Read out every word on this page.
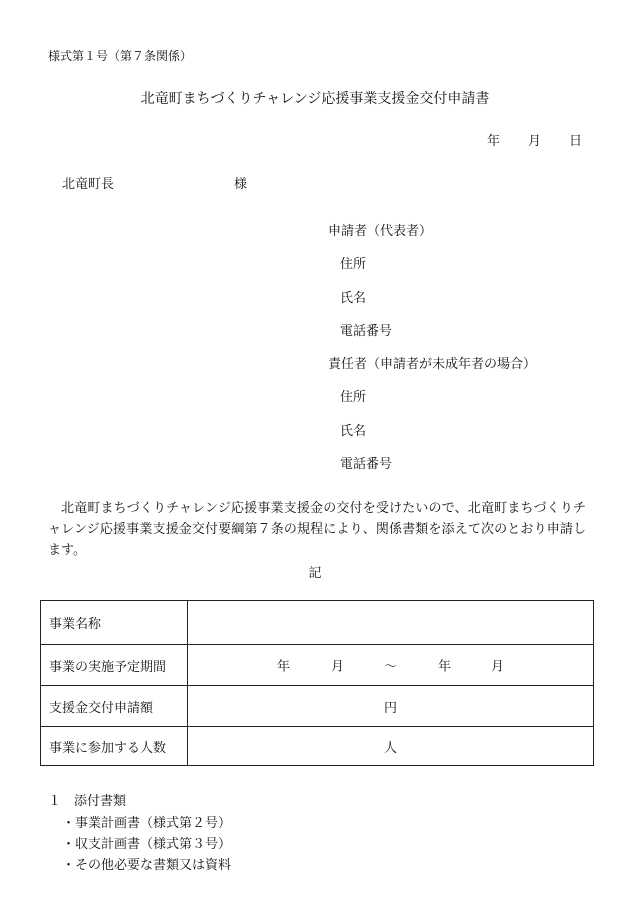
様式第１号（第７条関係）
北竜町まちづくりチャレンジ応援事業支援金交付申請書
年 月 日
北竜町長	様
申請者（代表者）
住所
氏名
電話番号
責任者（申請者が未成年者の場合）
住所
氏名
電話番号
北竜町まちづくりチャレンジ応援事業支援金の交付を受けたいので、北竜町まちづくりチャレンジ応援事業支援金交付要綱第７条の規程により、関係書類を添えて次のとおり申請します。
記
事業名称	
事業の実施予定期間	年 月 ～ 年 月

支援金交付申請額	円
事業に参加する人数	人
１ 添付書類
・事業計画書（様式第２号）
・収支計画書（様式第３号）
・その他必要な書類又は資料
